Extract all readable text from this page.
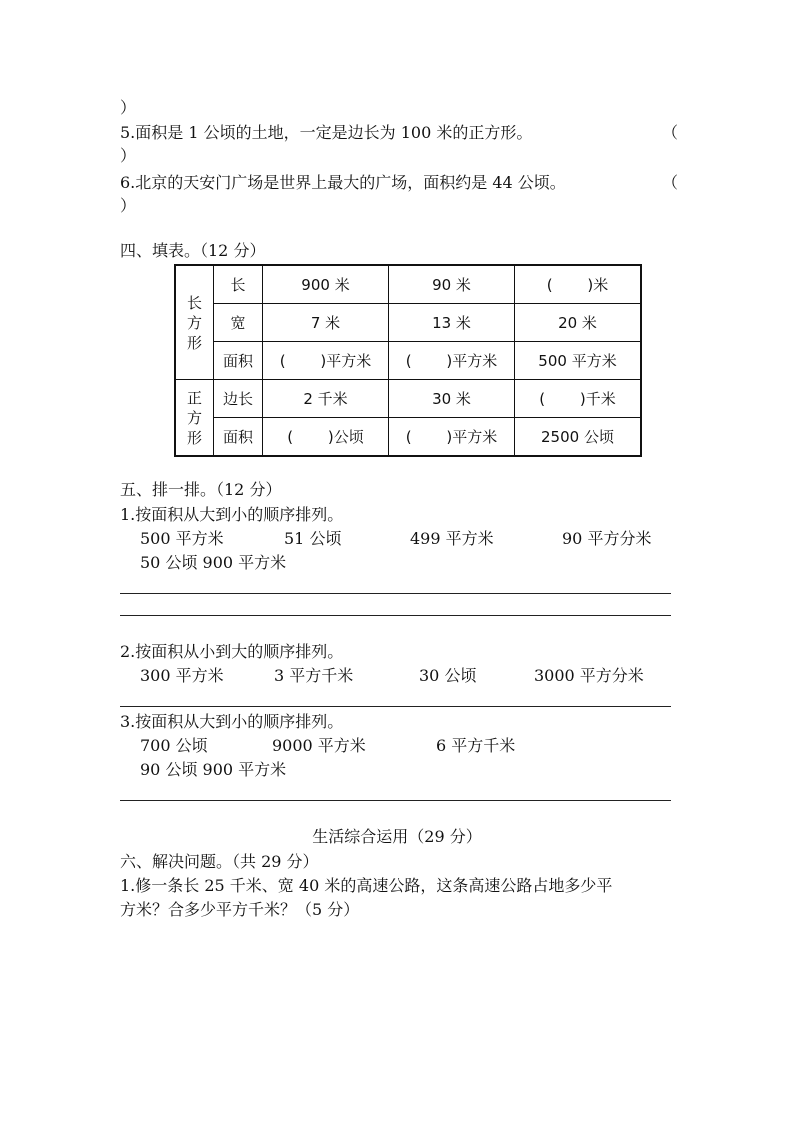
）
5.面积是 1 公顷的土地，一定是边长为 100 米的正方形。	（
）
6.北京的天安门广场是世界上最大的广场，面积约是 44 公顷。	（
）
四、填表。（12 分）
长方形	长	900 米	90 米	(　　 )米
	宽	7 米	13 米	20 米
	面积	(　　 )平方米	(　　 )平方米	500 平方米
正方形	边长	2 千米	30 米	(　　 )千米
	面积	(　　 )公顷	(　　 )平方米	2500 公顷
五、排一排。（12 分）
1.按面积从大到小的顺序排列。
500 平方米	51 公顷	499 平方米	90 平方分米
50 公顷 900 平方米
2.按面积从小到大的顺序排列。
300 平方米	3 平方千米	30 公顷	3000 平方分米
3.按面积从大到小的顺序排列。
700 公顷	9000 平方米	6 平方千米
90 公顷 900 平方米
生活综合运用（29 分）
六、解决问题。（共 29 分）
1.修一条长 25 千米、宽 40 米的高速公路，这条高速公路占地多少平
方米？合多少平方千米？（5 分）
